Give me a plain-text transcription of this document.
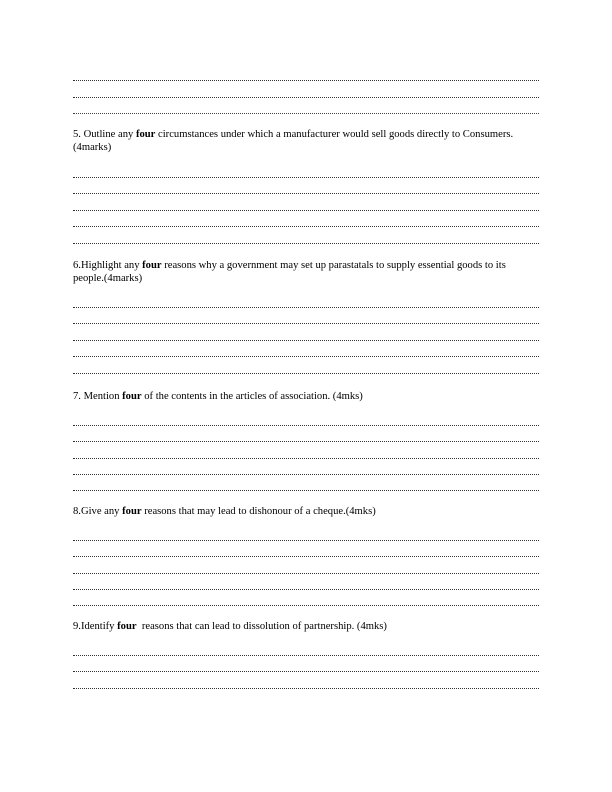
5. Outline any four circumstances under which a manufacturer would sell goods directly to Consumers.(4marks)
6.Highlight any four reasons why a government may set up parastatals to supply essential goods to its people.(4marks)
7. Mention four of the contents in the articles of association. (4mks)
8.Give any four reasons that may lead to dishonour of a cheque.(4mks)
9.Identify four  reasons that can lead to dissolution of partnership. (4mks)
